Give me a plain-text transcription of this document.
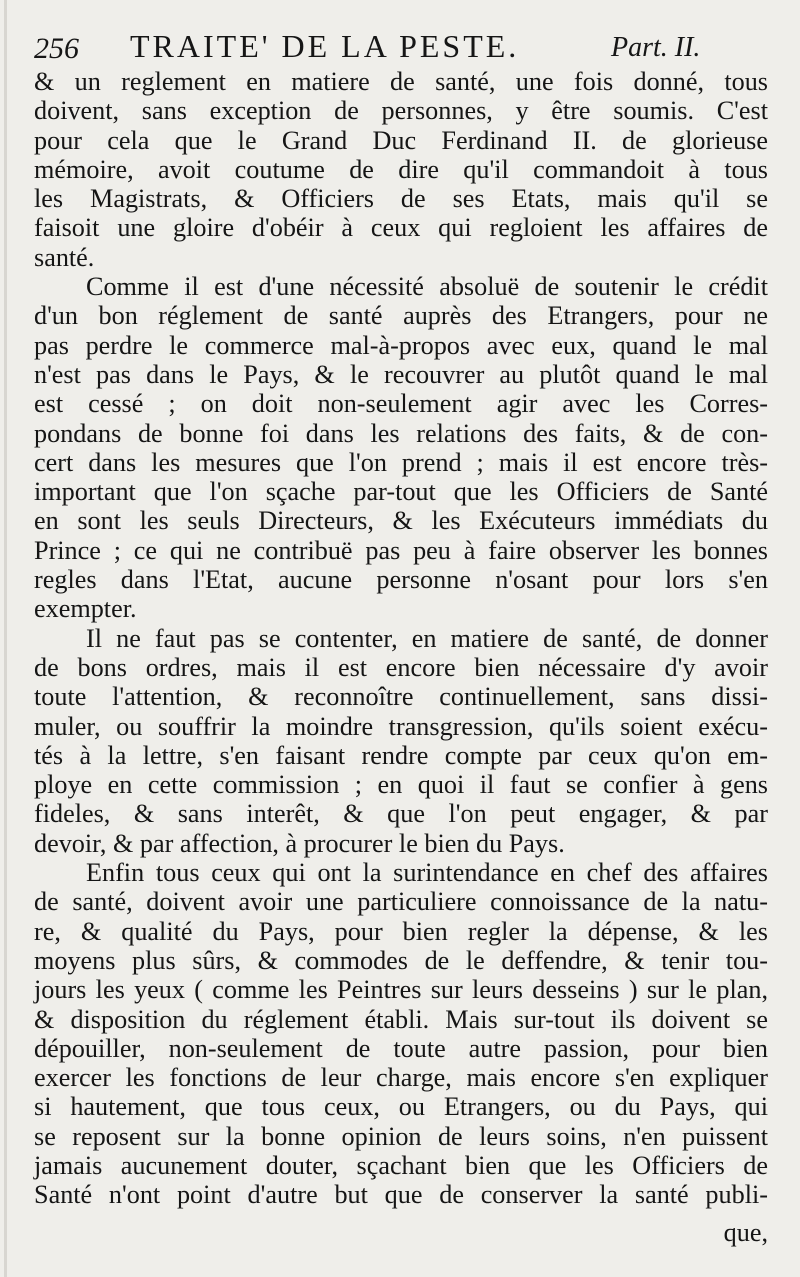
256 TRAITE' DE LA PESTE.	Part. II.
& un reglement en matiere de santé, une fois donné, tous
doivent, sans exception de personnes, y être soumis. C'est
pour cela que le Grand Duc Ferdinand II. de glorieuse
mémoire, avoit coutume de dire qu'il commandoit à tous
les Magistrats, & Officiers de ses Etats, mais qu'il se
faisoit une gloire d'obéir à ceux qui regloient les affaires de
santé.
Comme il est d'une nécessité absoluë de soutenir le crédit
d'un bon réglement de santé auprès des Etrangers, pour ne
pas perdre le commerce mal-à-propos avec eux, quand le mal
n'est pas dans le Pays, & le recouvrer au plutôt quand le mal
est cessé ; on doit non-seulement agir avec les Corres-
pondans de bonne foi dans les relations des faits, & de con-
cert dans les mesures que l'on prend ; mais il est encore très-
important que l'on sçache par-tout que les Officiers de Santé
en sont les seuls Directeurs, & les Exécuteurs immédiats du
Prince ; ce qui ne contribuë pas peu à faire observer les bonnes
regles dans l'Etat, aucune personne n'osant pour lors s'en
exempter.
Il ne faut pas se contenter, en matiere de santé, de donner
de bons ordres, mais il est encore bien nécessaire d'y avoir
toute l'attention, & reconnoître continuellement, sans dissi-
muler, ou souffrir la moindre transgression, qu'ils soient exécu-
tés à la lettre, s'en faisant rendre compte par ceux qu'on em-
ploye en cette commission ; en quoi il faut se confier à gens
fideles, & sans interêt, & que l'on peut engager, & par
devoir, & par affection, à procurer le bien du Pays.
Enfin tous ceux qui ont la surintendance en chef des affaires
de santé, doivent avoir une particuliere connoissance de la natu-
re, & qualité du Pays, pour bien regler la dépense, & les
moyens plus sûrs, & commodes de le deffendre, & tenir tou-
jours les yeux ( comme les Peintres sur leurs desseins ) sur le plan,
& disposition du réglement établi. Mais sur-tout ils doivent se
dépouiller, non-seulement de toute autre passion, pour bien
exercer les fonctions de leur charge, mais encore s'en expliquer
si hautement, que tous ceux, ou Etrangers, ou du Pays, qui
se reposent sur la bonne opinion de leurs soins, n'en puissent
jamais aucunement douter, sçachant bien que les Officiers de
Santé n'ont point d'autre but que de conserver la santé publi-
que,
